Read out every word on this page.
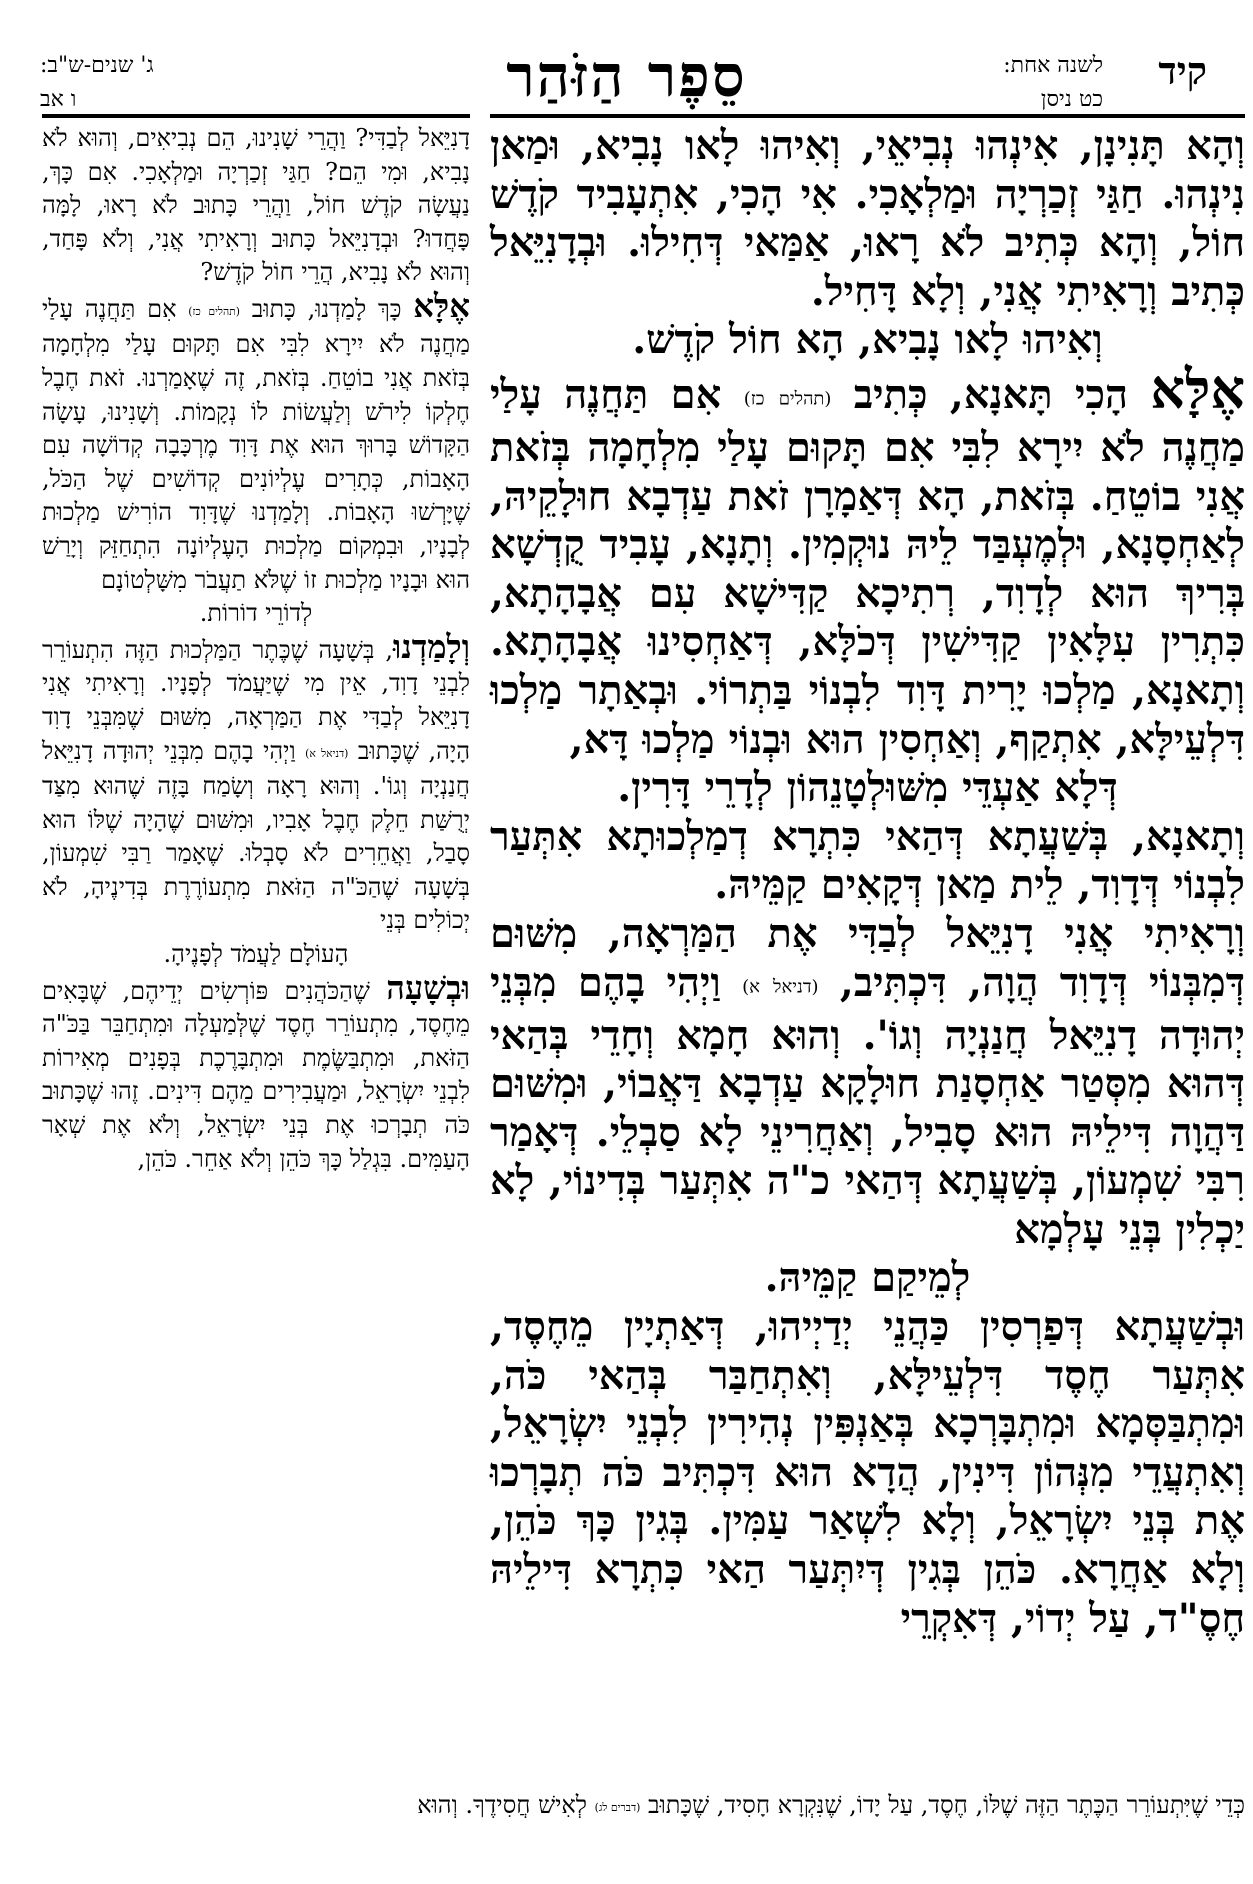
קיד
לשנה אחת:
כט ניסן
סֵפֶר הַזֹּהַר
ג' שנים-ש"ב:
ו אב

וְהָא תָּנִינָן, אִינְהוּ נְבִיאֵי, וְאִיהוּ לָאו נָבִיא, וּמַאן נִינְהוּ. חַגַּי זְכַרְיָה וּמַלְאָכִי. אִי הָכִי, אִתְעָבִיד קֹדֶשׁ חוֹל, וְהָא כְּתִיב לֹא רָאוּ, אַמַּאי דְּחִילוּ. וּבְדָנִיֵּאל כְּתִיב וְרָאִיתִי אֲנִי, וְלָא דָּחִיל.

וְאִיהוּ לָאו נָבִיא, הָא חוֹל קֹדֶשׁ.

אֶלָּא הָכִי תָּאנָא, כְּתִיב (תהלים כז) אִם תַּחֲנֶה עָלַי מַחֲנֶה לֹא יִירָא לִבִּי אִם תָּקוּם עָלַי מִלְחָמָה בְּזֹאת אֲנִי בוֹטֵחַ. בְּזֹאת, הָא דְּאַמָרָן זֹאת עַדְבָא חוּלָקֵיהּ, לְאַחְסָנָא, וּלְמֶעְבַּד לֵיהּ נוּקְמִין. וְתָנָא, עָבִיד קֻדְשָׁא בְּרִיךְ הוּא לְדָוִד, רְתִיכָא קַדִּישָׁא עִם אֲבָהָתָא, כִּתְרִין עִלָּאִין קַדִּישִׁין דְּכֹלָּא, דְּאַחְסִינוּ אֲבָהָתָא. וְתָאנָא, מַלְכוּ יָרִית דָּוִד לִבְנוֹי בַּתְרוֹי. וּבְאַתָר מַלְכוּ דִּלְעֵילָּא, אִתְקַף, וְאַחְסִין הוּא וּבְנוֹי מַלְכוּ דָּא,

דְּלָא אַעְדֵּי מִשּׁוּלְטָנֵהוֹן לְדָרֵי דָּרִין.

וְתָאנָא, בְּשַׁעֲתָא דְּהַאי כִּתְרָא דְמַלְכוּתָא אִתְּעַר לִבְנוֹי דְּדָוִד, לֵית מַאן דְּקָאִים קַמֵּיהּ.

וְרָאִיתִי אֲנִי דָנִיֵּאל לְבַדִּי אֶת הַמַּרְאָה, מִשּׁוּם דְּמִבְּנוֹי דְּדָוִד הֲוָה, דִּכְתִּיב, (דניאל א) וַיְהִי בָהֶם מִבְּנֵי יְהוּדָה דָנִיֵּאל חֲנַנְיָה וְגוֹ'. וְהוּא חָמָא וְחָדֵי בְּהַאי דְּהוּא מִסְּטַר אַחְסָנַת חוּלָקָא עַדְבָא דַּאֲבוֹי, וּמִשּׁוּם דַּהֲוָה דִּילֵיהּ הוּא סָבִיל, וְאַחֲרִינֵי לָא סַבְלֵי. דְּאָמַר רִבִּי שִׁמְעוֹן, בְּשַׁעֲתָא דְּהַאי כ"ה אִתְּעַר בְּדִינוֹי, לָא יַכְלִין בְּנֵי עָלְמָא

לְמֵיקַם קַמֵּיהּ.

וּבְשַׁעֲתָא דְּפַרְסִין כַּהֲנֵי יְדַיְיהוּ, דְּאַתְיָין מֵחֶסֶד, אִתְּעַר חֶסֶד דִּלְעֵילָּא, וְאִתְחַבַּר בְּהַאי כֹּה, וּמִתְבַּסְּמָא וּמִתְבָּרְכָא בְּאַנְפִּין נְהִירִין לִבְנֵי יִשְׂרָאֵל, וְאִתְעֲדֵי מִנְּהוֹן דִּינִין, הֲדָא הוּא דִּכְתִּיב כֹּה תְבָרְכוּ אֶת בְּנֵי יִשְׂרָאֵל, וְלָא לִשְׁאַר עַמִּין. בְּגִין כָּךְ כֹּהֵן, וְלָא אַחֲרָא. כֹּהֵן בְּגִין דְּיִתְּעַר הַאי כִּתְרָא דִּילֵיהּ חֶסֶ"ד, עַל יְדוֹי, דְּאִקְרֵי

דָנִיֵּאל לְבַדִּי? וַהֲרֵי שָׁנִינוּ, הֵם נְבִיאִים, וְהוּא לֹא נָבִיא, וּמִי הֵם? חַגַּי זְכַרְיָה וּמַלְאָכִי. אִם כָּךְ, נַעֲשָׂה קֹדֶשׁ חוֹל, וַהֲרֵי כָּתוּב לֹא רָאוּ, לָמָּה פָּחֲדוּ? וּבְדָנִיֵּאל כָּתוּב וְרָאִיתִי אֲנִי, וְלֹא פָּחַד, וְהוּא לֹא נָבִיא, הֲרֵי חוֹל קֹדֶשׁ?

אֶלָּא כָּךְ לָמַדְנוּ, כָּתוּב (תהלים כז) אִם תַּחֲנֶה עָלַי מַחֲנֶה לֹא יִירָא לִבִּי אִם תָּקוּם עָלַי מִלְחָמָה בְּזֹאת אֲנִי בוֹטֵחַ. בְּזֹאת, זֶה שֶׁאָמַרְנוּ. זֹאת חֶבֶל חֶלְקוֹ לִירֹשׁ וְלַעֲשׂוֹת לוֹ נְקָמוֹת. וְשָׁנִינוּ, עָשָׂה הַקָּדוֹשׁ בָּרוּךְ הוּא אֶת דָּוִד מֶרְכָּבָה קְדוֹשָׁה עִם הָאָבוֹת, כְּתָרִים עֶלְיוֹנִים קְדוֹשִׁים שֶׁל הַכֹּל, שֶׁיָּרְשׁוּ הָאָבוֹת. וְלָמַדְנוּ שֶׁדָּוִד הוֹרִישׁ מַלְכוּת לְבָנָיו, וּבִמְקוֹם מַלְכוּת הָעֶלְיוֹנָה הִתְחַזֵּק וְיָרַשׁ הוּא וּבָנָיו מַלְכוּת זוֹ שֶׁלֹּא תַעֲבֹר מִשָּׁלְטוֹנָם

לְדוֹרֵי דוֹרוֹת.

וְלָמַדְנוּ, בְּשָׁעָה שֶׁכֶּתֶר הַמַּלְכוּת הַזֶּה הִתְעוֹרֵר לִבְנֵי דָוִד, אֵין מִי שֶׁיַּעֲמֹד לְפָנָיו. וְרָאִיתִי אֲנִי דָנִיֵּאל לְבַדִּי אֶת הַמַּרְאָה, מִשּׁוּם שֶׁמִּבְּנֵי דָוִד הָיָה, שֶׁכָּתוּב (דניאל א) וַיְהִי בָהֶם מִבְּנֵי יְהוּדָה דָנִיֵּאל חֲנַנְיָה וְגוֹ'. וְהוּא רָאָה וְשָׂמַח בָּזֶה שֶׁהוּא מִצַּד יְרֻשַּׁת חֵלֶק חֶבֶל אָבִיו, וּמִשּׁוּם שֶׁהָיָה שֶׁלּוֹ הוּא סָבַל, וַאֲחֵרִים לֹא סָבְלוּ. שֶׁאָמַר רַבִּי שִׁמְעוֹן, בְּשָׁעָה שֶׁהַכֹּ"ה הַזֹּאת מִתְעוֹרֶרֶת בְּדִינֶיהָ, לֹא יְכוֹלִים בְּנֵי

הָעוֹלָם לַעֲמֹד לְפָנֶיהָ.

וּבְשָׁעָה שֶׁהַכֹּהֲנִים פּוֹרְשִׂים יְדֵיהֶם, שֶׁבָּאִים מֵחֶסֶד, מִתְעוֹרֵר חֶסֶד שֶׁלְּמַעְלָה וּמִתְחַבֵּר בַּכֹּ"ה הַזֹּאת, וּמִתְבַּשֶּׂמֶת וּמִתְבָּרֶכֶת בְּפָנִים מְאִירוֹת לִבְנֵי יִשְׂרָאֵל, וּמַעֲבִירִים מֵהֶם דִּינִים. זֶהוּ שֶׁכָּתוּב כֹּה תְבָרְכוּ אֶת בְּנֵי יִשְׂרָאֵל, וְלֹא אֶת שְׁאָר הָעַמִּים. בִּגְלַל כָּךְ כֹּהֵן וְלֹא אַחֵר. כֹּהֵן,

כְּדֵי שֶׁיִּתְעוֹרֵר הַכֶּתֶר הַזֶּה שֶׁלּוֹ, חֶסֶד, עַל יָדוֹ, שֶׁנִּקְרָא חָסִיד, שֶׁכָּתוּב (דברים לג) לְאִישׁ חֲסִידֶךָ. וְהוּא
